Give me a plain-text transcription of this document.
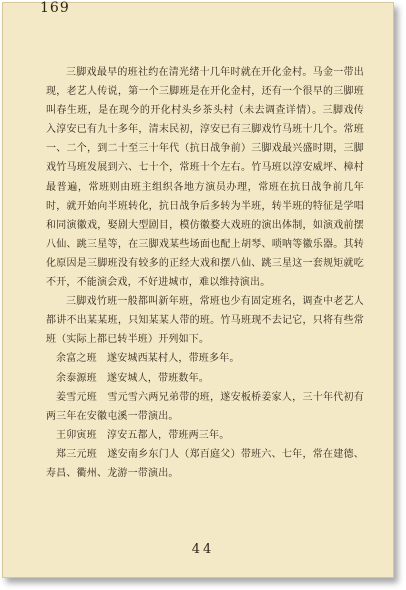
169

三脚戏最早的班社约在清光绪十几年时就在开化金村。马金一带出现，老艺人传说，第一个三脚班是在开化金村，还有一个很早的三脚班叫春生班，是在现今的开化村头乡茶头村（未去调查详情）。三脚戏传入淳安已有九十多年，清末民初，淳安已有三脚戏竹马班十几个。常班一、二个，到二十至三十年代（抗日战争前）三脚戏最兴盛时期，三脚戏竹马班发展到六、七十个，常班十个左右。竹马班以淳安威坪、樟村最普遍，常班则由班主组织各地方演员办理，常班在抗日战争前几年时，就开始向半班转化，抗日战争后多转为半班，转半班的特征是学唱和同演徽戏，娶剧大型剧目，模仿徽婺大戏班的演出体制，如演戏前摆八仙、跳三星等，在三脚戏某些场面也配上胡琴、唢呐等徽乐器。其转化原因是三脚班没有较多的正经大戏和摆八仙、跳三星这一套规矩就吃不开，不能演会戏，不好进城市，难以维持演出。

三脚戏竹班一般都叫新年班，常班也少有固定班名，调查中老艺人都讲不出某某班，只知某某人带的班。竹马班现不去记它，只将有些常班（实际上都已转半班）开列如下。

余富之班　遂安城西某村人，带班多年。

余泰源班　遂安城人，带班数年。

姜雪元班　雪元雪六两兄弟带的班，遂安板桥姜家人，三十年代初有两三年在安徽屯溪一带演出。

王卯寅班　淳安五都人，带班两三年。

郑三元班　遂安南乡东门人（郑百庭父）带班六、七年，常在建德、寿昌、衢州、龙游一带演出。

44
